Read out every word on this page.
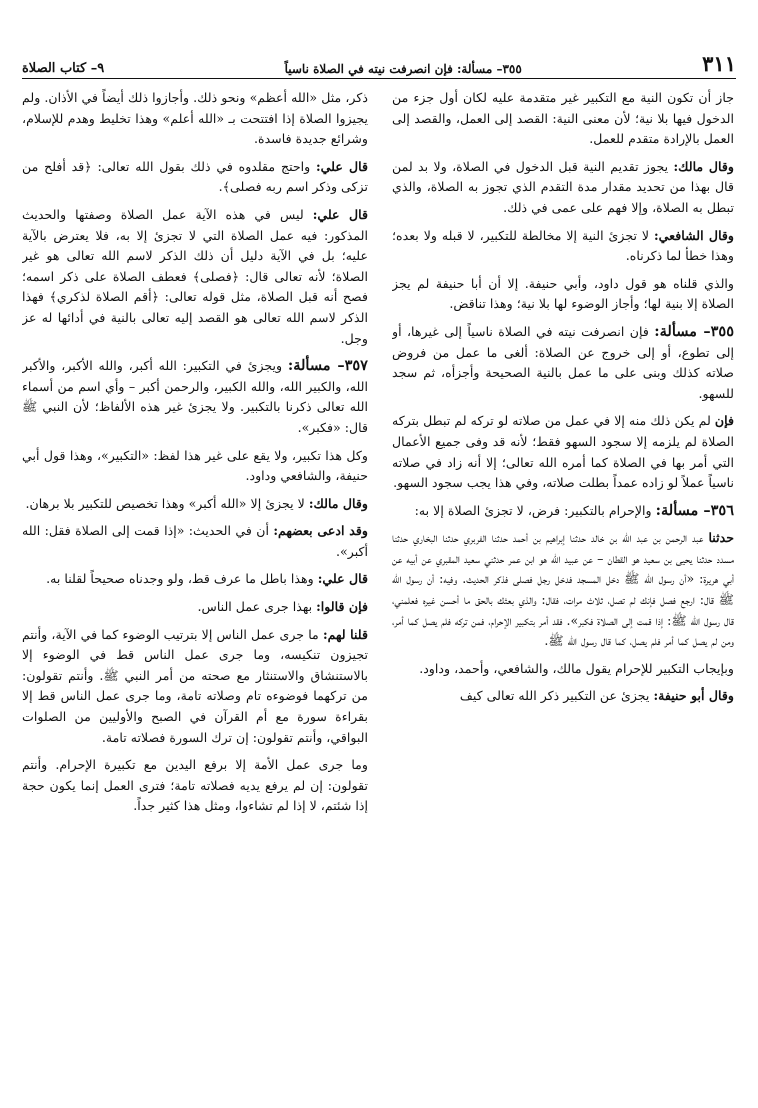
٣١١
٣٥٥– مسألة: فإن انصرفت نيته في الصلاة ناسياً
٩– كتاب الصلاة

جاز أن تكون النية مع التكبير غير متقدمة عليه لكان أول جزء من الدخول فيها بلا نية؛ لأن معنى النية: القصد إلى العمل، والقصد إلى العمل بالإرادة متقدم للعمل.

وقال مالك: يجوز تقديم النية قبل الدخول في الصلاة، ولا بد لمن قال بهذا من تحديد مقدار مدة التقدم الذي تجوز به الصلاة، والذي تبطل به الصلاة، وإلا فهم على عمى في ذلك.

وقال الشافعي: لا تجزئ النية إلا مخالطة للتكبير، لا قبله ولا بعده؛ وهذا خطأ لما ذكرناه.

والذي قلناه هو قول داود، وأبي حنيفة. إلا أن أبا حنيفة لم يجز الصلاة إلا بنية لها؛ وأجاز الوضوء لها بلا نية؛ وهذا تناقض.

٣٥٥– مسألة: فإن انصرفت نيته في الصلاة ناسياً إلى غيرها، أو إلى تطوع، أو إلى خروج عن الصلاة: ألغى ما عمل من فروض صلاته كذلك وبنى على ما عمل بالنية الصحيحة وأجزأه، ثم سجد للسهو.

فإن لم يكن ذلك منه إلا في عمل من صلاته لو تركه لم تبطل بتركه الصلاة لم يلزمه إلا سجود السهو فقط؛ لأنه قد وفى جميع الأعمال التي أمر بها في الصلاة كما أمره الله تعالى؛ إلا أنه زاد في صلاته ناسياً عملاً لو زاده عمداً بطلت صلاته، وفي هذا يجب سجود السهو.

٣٥٦– مسألة: والإحرام بالتكبير: فرض، لا تجزئ الصلاة إلا به:

حدثنا عبد الرحمن بن عبد الله بن خالد حدثنا إبراهيم بن أحمد حدثنا الفربري حدثنا البخاري حدثنا مسدد حدثنا يحيى بن سعيد هو القطان – عن عبيد الله هو ابن عمر حدثني سعيد المقبري عن أبيه عن أبي هريرة: «أن رسول الله ﷺ دخل المسجد فدخل رجل فصلى فذكر الحديث. وفيه: أن رسول الله ﷺ قال: ارجع فصل فإنك لم تصل، ثلاث مرات، فقال: والذي بعثك بالحق ما أحسن غيره فعلمني، قال رسول الله ﷺ: إذا قمت إلى الصلاة فكبر». فقد أمر بتكبير الإحرام، فمن تركه فلم يصل كما أمر، ومن لم يصل كما أمر فلم يصل، كما قال رسول الله ﷺ.

وبإيجاب التكبير للإحرام يقول مالك، والشافعي، وأحمد، وداود.

وقال أبو حنيفة: يجزئ عن التكبير ذكر الله تعالى كيف

ذكر، مثل «الله أعظم» ونحو ذلك. وأجازوا ذلك أيضاً في الأذان. ولم يجيزوا الصلاة إذا افتتحت بـ «الله أعلم» وهذا تخليط وهدم للإسلام، وشرائع جديدة فاسدة.

قال علي: واحتج مقلدوه في ذلك بقول الله تعالى: ﴿قد أفلح من تزكى وذكر اسم ربه فصلى﴾.

قال علي: ليس في هذه الآية عمل الصلاة وصفتها والحديث المذكور: فيه عمل الصلاة التي لا تجزئ إلا به، فلا يعترض بالآية عليه؛ بل في الآية دليل أن ذلك الذكر لاسم الله تعالى هو غير الصلاة؛ لأنه تعالى قال: ﴿فصلى﴾ فعطف الصلاة على ذكر اسمه؛ فصح أنه قبل الصلاة، مثل قوله تعالى: ﴿أقم الصلاة لذكري﴾ فهذا الذكر لاسم الله تعالى هو القصد إليه تعالى بالنية في أدائها له عز وجل.

٣٥٧– مسألة: ويجزئ في التكبير: الله أكبر، والله الأكبر، والأكبر الله، والكبير الله، والله الكبير، والرحمن أكبر – وأي اسم من أسماء الله تعالى ذكرنا بالتكبير. ولا يجزئ غير هذه الألفاظ؛ لأن النبي ﷺ قال: «فكبر».

وكل هذا تكبير، ولا يقع على غير هذا لفظ: «التكبير»، وهذا قول أبي حنيفة، والشافعي وداود.

وقال مالك: لا يجزئ إلا «الله أكبر» وهذا تخصيص للتكبير بلا برهان.

وقد ادعى بعضهم: أن في الحديث: «إذا قمت إلى الصلاة فقل: الله أكبر».

قال علي: وهذا باطل ما عرف قط، ولو وجدناه صحيحاً لقلنا به.

فإن قالوا: بهذا جرى عمل الناس.

قلنا لهم: ما جرى عمل الناس إلا بترتيب الوضوء كما في الآية، وأنتم تجيزون تنكيسه، وما جرى عمل الناس قط في الوضوء إلا بالاستنشاق والاستنثار مع صحته من أمر النبي ﷺ. وأنتم تقولون: من تركهما فوضوءه تام وصلاته تامة، وما جرى عمل الناس قط إلا بقراءة سورة مع أم القرآن في الصبح والأوليين من الصلوات البواقي، وأنتم تقولون: إن ترك السورة فصلاته تامة.

وما جرى عمل الأمة إلا برفع اليدين مع تكبيرة الإحرام. وأنتم تقولون: إن لم يرفع يديه فصلاته تامة؛ فترى العمل إنما يكون حجة إذا شئتم، لا إذا لم تشاءوا، ومثل هذا كثير جداً.
